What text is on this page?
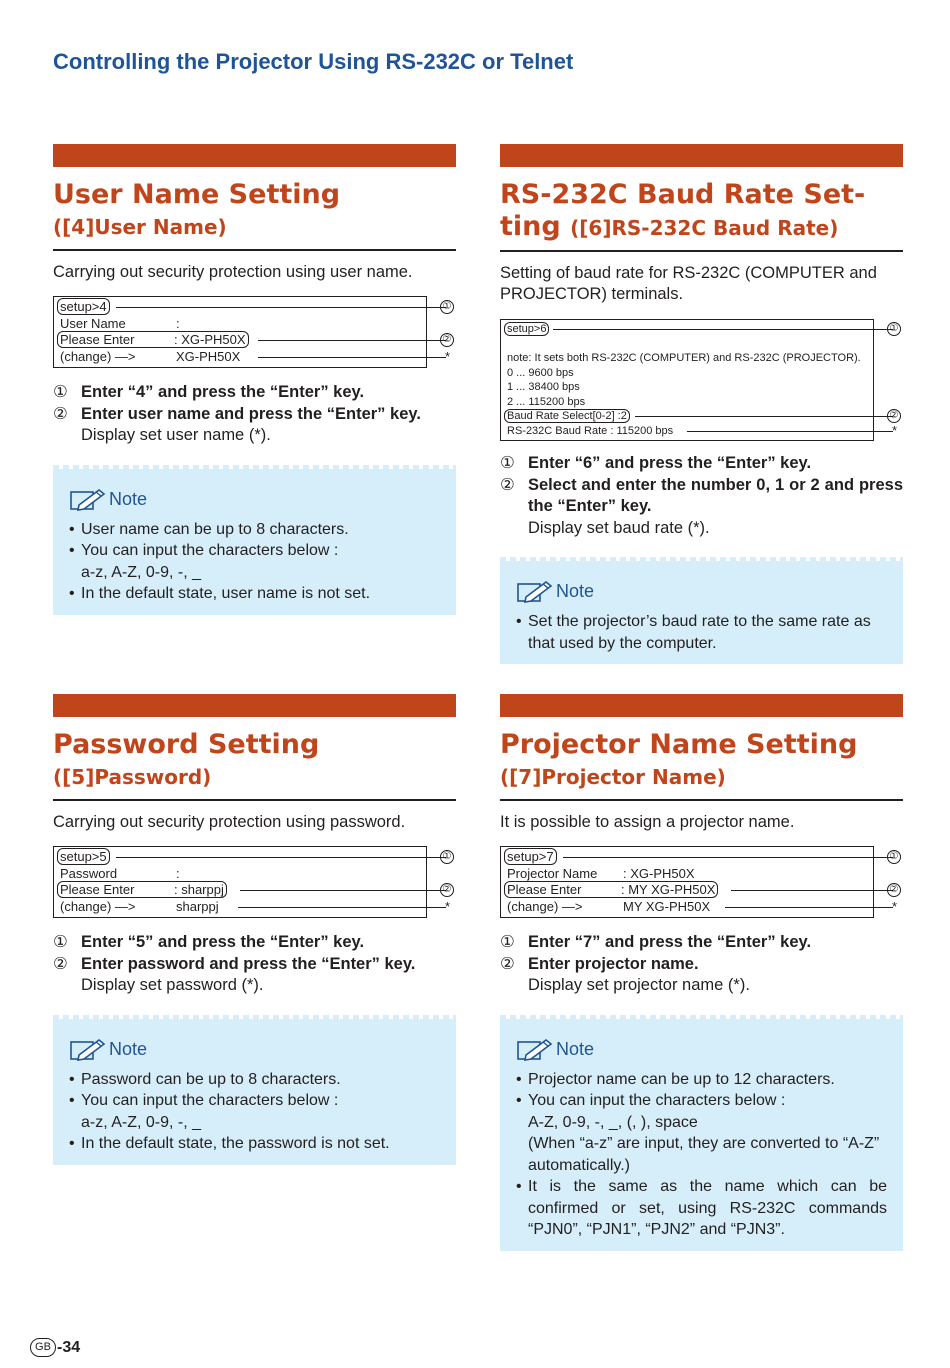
Controlling the Projector Using RS-232C or Telnet
User Name Setting
([4]User Name)
Carrying out security protection using user name.
setup>4	①
User Name	:
Please Enter	: XG-PH50X	②
(change) —>	XG-PH50X	*
① Enter “4” and press the “Enter” key.
② Enter user name and press the “Enter” key.
Display set user name (*).
Note
• User name can be up to 8 characters.
• You can input the characters below :
a-z, A-Z, 0-9, -, _
• In the default state, user name is not set.
RS-232C Baud Rate Set-
ting ([6]RS-232C Baud Rate)
Setting of baud rate for RS-232C (COMPUTER and PROJECTOR) terminals.
setup>6	①
note: It sets both RS-232C (COMPUTER) and RS-232C (PROJECTOR).
0 ... 9600 bps
1 ... 38400 bps
2 ... 115200 bps
Baud Rate Select[0-2] :2	②
RS-232C Baud Rate : 115200 bps	*
① Enter “6” and press the “Enter” key.
② Select and enter the number 0, 1 or 2 and press the “Enter” key.
Display set baud rate (*).
Note
• Set the projector’s baud rate to the same rate as that used by the computer.
Password Setting
([5]Password)
Carrying out security protection using password.
setup>5	①
Password	:
Please Enter	: sharppj	②
(change) —>	sharppj	*
① Enter “5” and press the “Enter” key.
② Enter password and press the “Enter” key.
Display set password (*).
Note
• Password can be up to 8 characters.
• You can input the characters below :
a-z, A-Z, 0-9, -, _
• In the default state, the password is not set.
Projector Name Setting
([7]Projector Name)
It is possible to assign a projector name.
setup>7	①
Projector Name : XG-PH50X
Please Enter	: MY XG-PH50X	②
(change) —>	MY XG-PH50X	*
① Enter “7” and press the “Enter” key.
② Enter projector name.
Display set projector name (*).
Note
• Projector name can be up to 12 characters.
• You can input the characters below :
A-Z, 0-9, -, _, (, ), space
(When “a-z” are input, they are converted to “A-Z” automatically.)
• It is the same as the name which can be confirmed or set, using RS-232C commands “PJN0”, “PJN1”, “PJN2” and “PJN3”.
GB -34
